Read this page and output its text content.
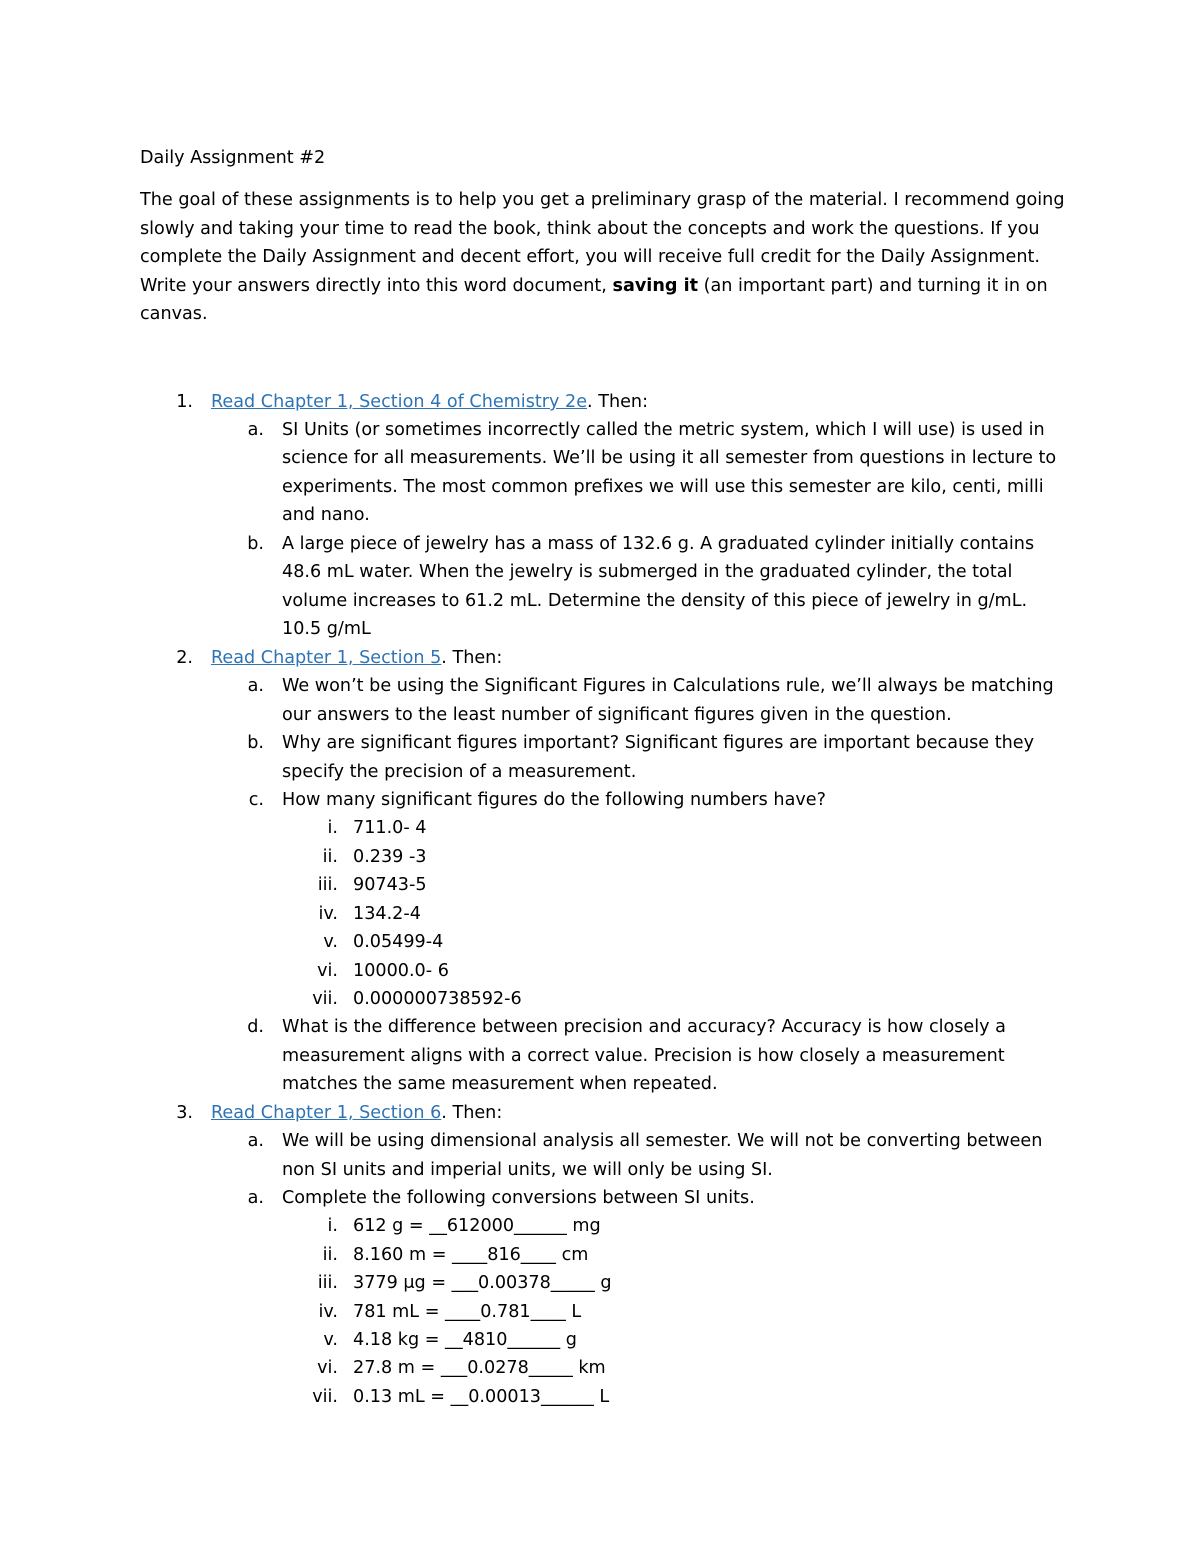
Daily Assignment #2
The goal of these assignments is to help you get a preliminary grasp of the material. I recommend going slowly and taking your time to read the book, think about the concepts and work the questions. If you complete the Daily Assignment and decent effort, you will receive full credit for the Daily Assignment. Write your answers directly into this word document, saving it (an important part) and turning it in on canvas.
1. Read Chapter 1, Section 4 of Chemistry 2e. Then:
a. SI Units (or sometimes incorrectly called the metric system, which I will use) is used in
science for all measurements. We’ll be using it all semester from questions in lecture to
experiments. The most common prefixes we will use this semester are kilo, centi, milli
and nano.
b. A large piece of jewelry has a mass of 132.6 g. A graduated cylinder initially contains
48.6 mL water. When the jewelry is submerged in the graduated cylinder, the total
volume increases to 61.2 mL. Determine the density of this piece of jewelry in g/mL.
10.5 g/mL
2. Read Chapter 1, Section 5. Then:
a. We won’t be using the Significant Figures in Calculations rule, we’ll always be matching
our answers to the least number of significant figures given in the question.
b. Why are significant figures important? Significant figures are important because they
specify the precision of a measurement.
c. How many significant figures do the following numbers have?
i. 711.0- 4
ii. 0.239 -3
iii. 90743-5
iv. 134.2-4
v. 0.05499-4
vi. 10000.0- 6
vii. 0.000000738592-6
d. What is the difference between precision and accuracy? Accuracy is how closely a
measurement aligns with a correct value. Precision is how closely a measurement
matches the same measurement when repeated.
3. Read Chapter 1, Section 6. Then:
a. We will be using dimensional analysis all semester. We will not be converting between
non SI units and imperial units, we will only be using SI.
a. Complete the following conversions between SI units.
i. 612 g = __612000______ mg
ii. 8.160 m = ____816____ cm
iii. 3779 μg = ___0.00378_____ g
iv. 781 mL = ____0.781____ L
v. 4.18 kg = __4810______ g
vi. 27.8 m = ___0.0278_____ km
vii. 0.13 mL = __0.00013______ L
